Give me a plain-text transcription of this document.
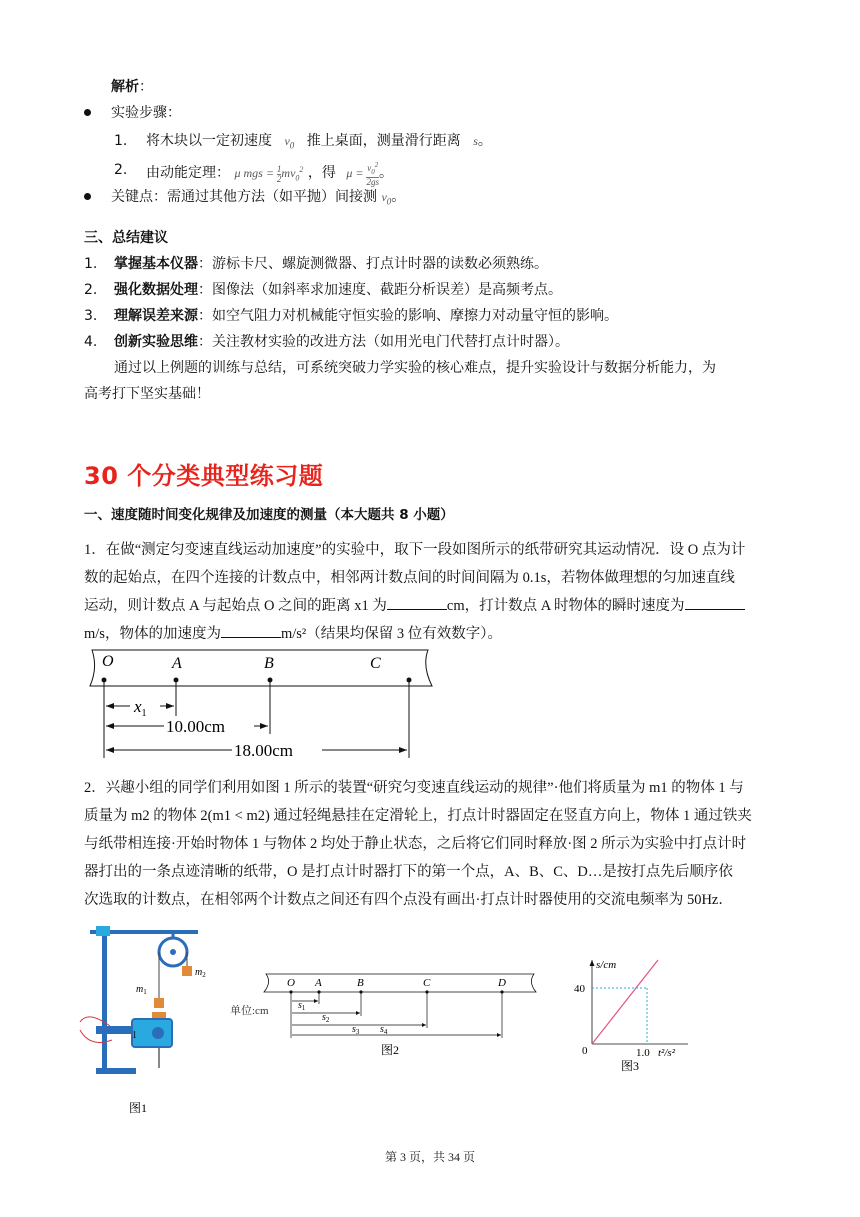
解析：
实验步骤：
1. 将木块以一定初速度 $v_0$ 推上桌面，测量滑行距离 s。
2. 由动能定理： μ mgs = $\frac{1}{2} mv_0^2$ ，得 $\mu = \frac{v_0^2}{2gs}$ 。
关键点：需通过其他方法（如平抛）间接测 $v_0$。
三、总结建议
1. 掌握基本仪器：游标卡尺、螺旋测微器、打点计时器的读数必须熟练。
2. 强化数据处理：图像法（如斜率求加速度、截距分析误差）是高频考点。
3. 理解误差来源：如空气阻力对机械能守恒实验的影响、摩擦力对动量守恒的影响。
4. 创新实验思维：关注教材实验的改进方法（如用光电门代替打点计时器）。
通过以上例题的训练与总结，可系统突破力学实验的核心难点，提升实验设计与数据分析能力，为
高考打下坚实基础！
30 个分类典型练习题
一、速度随时间变化规律及加速度的测量（本大题共 8 小题）
1．在做“测定匀变速直线运动加速度”的实验中，取下一段如图所示的纸带研究其运动情况．设 O 点为计
数的起始点，在四个连接的计数点中，相邻两计数点间的时间间隔为 0.1s，若物体做理想的匀加速直线
运动，则计数点 A 与起始点 O 之间的距离 x1 为	cm，打计数点 A 时物体的瞬时速度为
m/s，物体的加速度为	m/s²（结果均保留 3 位有效数字）。
O	A	B	C
$x_1$
10.00cm
18.00cm
2．兴趣小组的同学们利用如图 1 所示的装置“研究匀变速直线运动的规律”·他们将质量为 m1 的物体 1 与
质量为 m2 的物体 2(m1 < m2) 通过轻绳悬挂在定滑轮上，打点计时器固定在竖直方向上，物体 1 通过铁夹
与纸带相连接·开始时物体 1 与物体 2 均处于静止状态，之后将它们同时释放·图 2 所示为实验中打点计时
器打出的一条点迹清晰的纸带，O 是打点计时器打下的第一个点，A、B、C、D…是按打点先后顺序依
次选取的计数点，在相邻两个计数点之间还有四个点没有画出·打点计时器使用的交流电频率为 50Hz．
$m_2$
$m_1$
1
图1
O A	B	C	D
单位:cm	$s_1$
$s_2$
$s_3$ $s_4$
图2
s/cm
40
0	1.0 t²/s²
图3
第 3 页，共 34 页
